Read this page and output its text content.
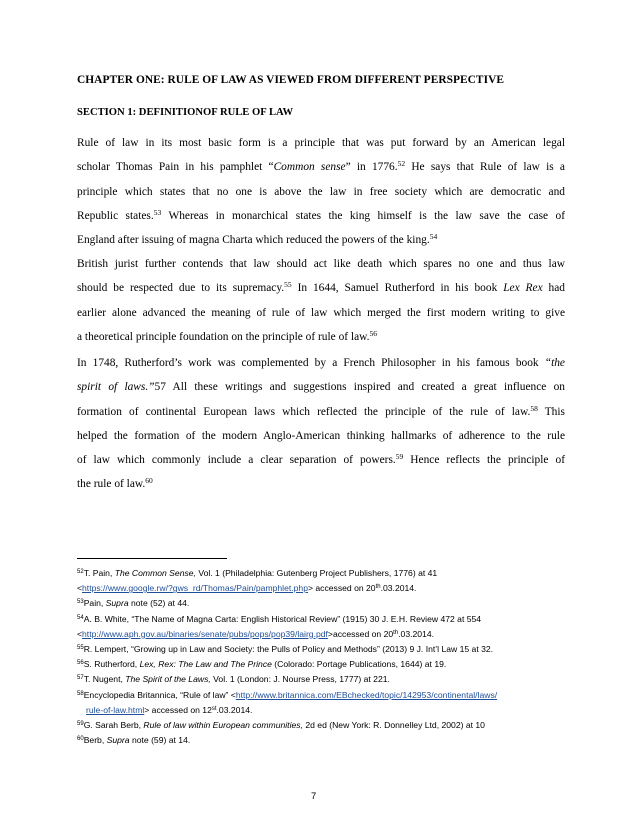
CHAPTER ONE: RULE OF LAW AS VIEWED FROM DIFFERENT PERSPECTIVE
SECTION 1: DEFINITIONOF RULE OF LAW
Rule of law in its most basic form is a principle that was put forward by an American legal
scholar Thomas Pain in his pamphlet “Common sense” in 1776.52 He says that Rule of law is a
principle which states that no one is above the law in free society which are democratic and
Republic states.$^{53}$ Whereas in monarchical states the king himself is the law save the case of
England after issuing of magna Charta which reduced the powers of the king.$^{54}$
British jurist further contends that law should act like death which spares no one and thus law
should be respected due to its supremacy.$^{55}$ In 1644, Samuel Rutherford in his book Lex Rex had
earlier alone advanced the meaning of rule of law which merged the first modern writing to give
a theoretical principle foundation on the principle of rule of law.$^{56}$
In 1748, Rutherford’s work was complemented by a French Philosopher in his famous book “the
spirit of laws.”57 All these writings and suggestions inspired and created a great influence on
formation of continental European laws which reflected the principle of the rule of law.$^{58}$ This
helped the formation of the modern Anglo-American thinking hallmarks of adherence to the rule
of law which commonly include a clear separation of powers.$^{59}$ Hence reflects the principle of
the rule of law.$^{60}$
$^{52}$T. Pain, The Common Sense, Vol. 1 (Philadelphia: Gutenberg Project Publishers, 1776) at 41
<https://www.google.rw/?gws_rd/Thomas/Pain/pamphlet.php> accessed on 20th.03.2014.
$^{53}$Pain, Supra note (52) at 44.
$^{54}$A. B. White, “The Name of Magna Carta: English Historical Review” (1915) 30 J. E.H. Review 472 at 554
<http://www.aph.gov.au/binaries/senate/pubs/pops/pop39/lairg.pdf>accessed on 20th.03.2014.
$^{55}$R. Lempert, “Growing up in Law and Society: the Pulls of Policy and Methods” (2013) 9 J. Int’l Law 15 at 32.
$^{56}$S. Rutherford, Lex, Rex: The Law and The Prince (Colorado: Portage Publications, 1644) at 19.
$^{57}$T. Nugent, The Spirit of the Laws, Vol. 1 (London: J. Nourse Press, 1777) at 221.
$^{58}$Encyclopedia Britannica, “Rule of law” <http://www.britannica.com/EBchecked/topic/142953/continental/laws/
rule-of-law.html> accessed on 12st.03.2014.
$^{59}$G. Sarah Berb, Rule of law within European communities, 2d ed (New York: R. Donnelley Ltd, 2002) at 10
$^{60}$Berb, Supra note (59) at 14.
7
